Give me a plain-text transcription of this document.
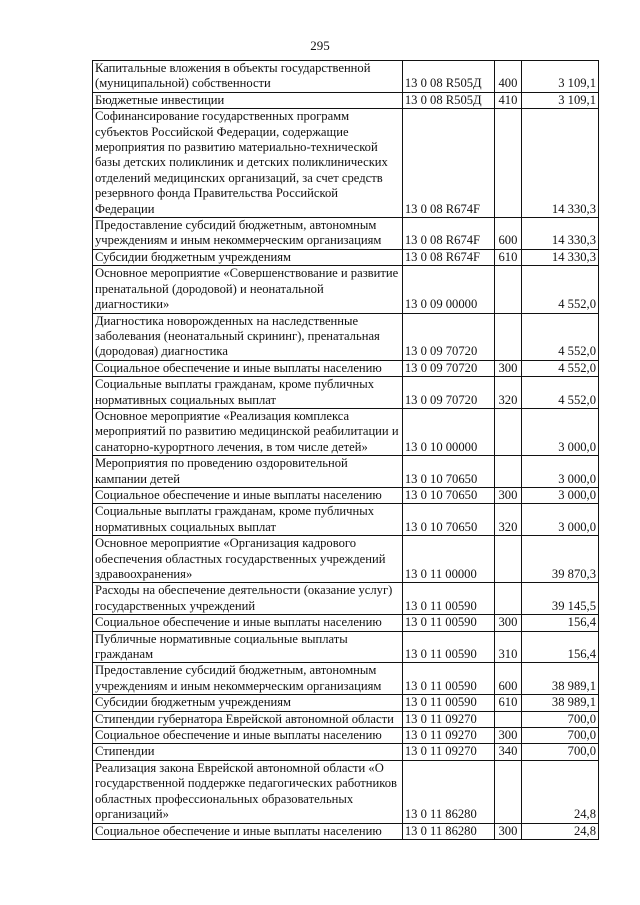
295
Капитальные вложения в объекты государственной (муниципальной) собственности	13 0 08 R505Д	400	3 109,1
Бюджетные инвестиции	13 0 08 R505Д	410	3 109,1
Софинансирование государственных программ субъектов Российской Федерации, содержащие мероприятия по развитию материально-технической базы детских поликлиник и детских поликлинических отделений медицинских организаций, за счет средств резервного фонда Правительства Российской Федерации	13 0 08 R674F		14 330,3
Предоставление субсидий бюджетным, автономным учреждениям и иным некоммерческим организациям	13 0 08 R674F	600	14 330,3
Субсидии бюджетным учреждениям	13 0 08 R674F	610	14 330,3
Основное мероприятие «Совершенствование и развитие пренатальной (дородовой) и неонатальной диагностики»	13 0 09 00000		4 552,0
Диагностика новорожденных на наследственные заболевания (неонатальный скрининг), пренатальная (дородовая) диагностика	13 0 09 70720		4 552,0
Социальное обеспечение и иные выплаты населению	13 0 09 70720	300	4 552,0
Социальные выплаты гражданам, кроме публичных нормативных социальных выплат	13 0 09 70720	320	4 552,0
Основное мероприятие «Реализация комплекса мероприятий по развитию медицинской реабилитации и санаторно-курортного лечения, в том числе детей»	13 0 10 00000		3 000,0
Мероприятия по проведению оздоровительной кампании детей	13 0 10 70650		3 000,0
Социальное обеспечение и иные выплаты населению	13 0 10 70650	300	3 000,0
Социальные выплаты гражданам, кроме публичных нормативных социальных выплат	13 0 10 70650	320	3 000,0
Основное мероприятие «Организация кадрового обеспечения областных государственных учреждений здравоохранения»	13 0 11 00000		39 870,3
Расходы на обеспечение деятельности (оказание услуг) государственных учреждений	13 0 11 00590		39 145,5
Социальное обеспечение и иные выплаты населению	13 0 11 00590	300	156,4
Публичные нормативные социальные выплаты гражданам	13 0 11 00590	310	156,4
Предоставление субсидий бюджетным, автономным учреждениям и иным некоммерческим организациям	13 0 11 00590	600	38 989,1
Субсидии бюджетным учреждениям	13 0 11 00590	610	38 989,1
Стипендии губернатора Еврейской автономной области	13 0 11 09270		700,0
Социальное обеспечение и иные выплаты населению	13 0 11 09270	300	700,0
Стипендии	13 0 11 09270	340	700,0
Реализация закона Еврейской автономной области «О государственной поддержке педагогических работников областных профессиональных образовательных организаций»	13 0 11 86280		24,8
Социальное обеспечение и иные выплаты населению	13 0 11 86280	300	24,8
